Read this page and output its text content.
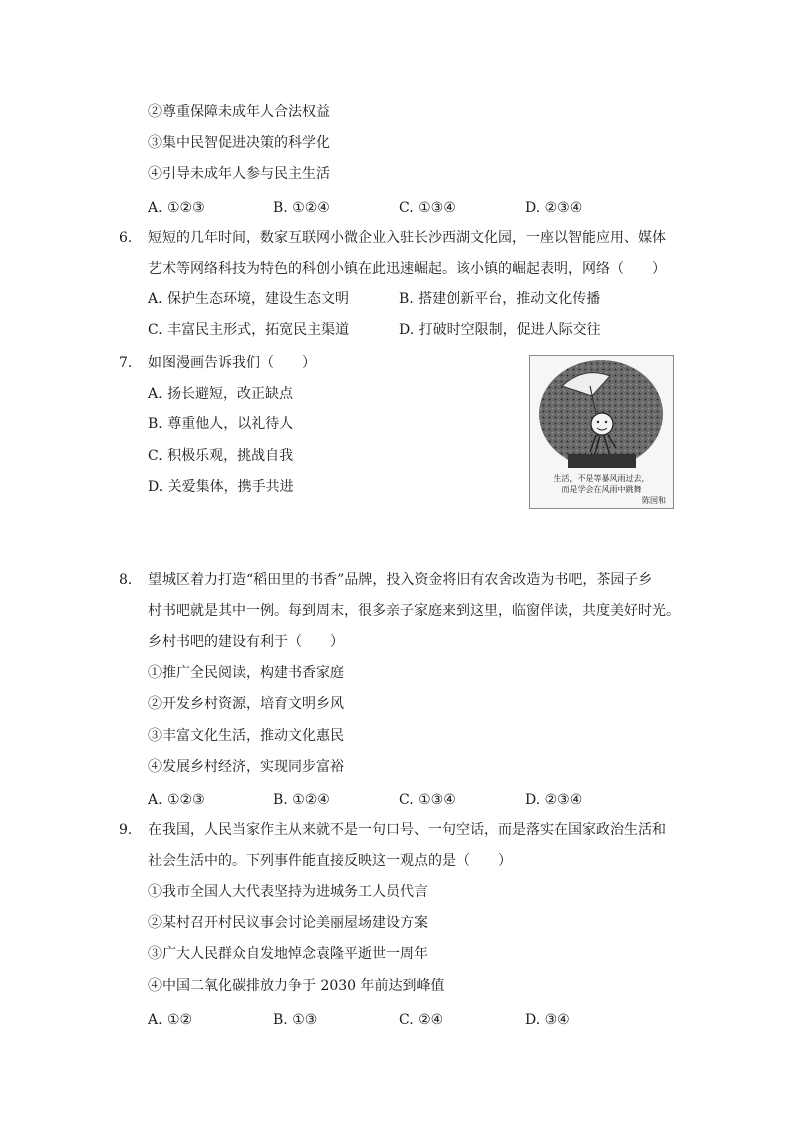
②尊重保障未成年人合法权益
③集中民智促进决策的科学化
④引导未成年人参与民主生活
A. ①②③	B. ①②④	C. ①③④	D. ②③④
6. 短短的几年时间，数家互联网小微企业入驻长沙西湖文化园，一座以智能应用、媒体
艺术等网络科技为特色的科创小镇在此迅速崛起。该小镇的崛起表明，网络（　　）
A. 保护生态环境，建设生态文明	B. 搭建创新平台，推动文化传播
C. 丰富民主形式，拓宽民主渠道	D. 打破时空限制，促进人际交往
7. 如图漫画告诉我们（　　）
A. 扬长避短，改正缺点
B. 尊重他人，以礼待人
C. 积极乐观，挑战自我
D. 关爱集体，携手共进
生活，不是等暴风雨过去，
而是学会在风雨中跳舞
陈国和
8. 望城区着力打造“稻田里的书香”品牌，投入资金将旧有农舍改造为书吧，茶园子乡
村书吧就是其中一例。每到周末，很多亲子家庭来到这里，临窗伴读，共度美好时光。
乡村书吧的建设有利于（　　）
①推广全民阅读，构建书香家庭
②开发乡村资源，培育文明乡风
③丰富文化生活，推动文化惠民
④发展乡村经济，实现同步富裕
A. ①②③	B. ①②④	C. ①③④	D. ②③④
9. 在我国，人民当家作主从来就不是一句口号、一句空话，而是落实在国家政治生活和
社会生活中的。下列事件能直接反映这一观点的是（　　）
①我市全国人大代表坚持为进城务工人员代言
②某村召开村民议事会讨论美丽屋场建设方案
③广大人民群众自发地悼念袁隆平逝世一周年
④中国二氧化碳排放力争于 2030 年前达到峰值
A. ①②	B. ①③	C. ②④	D. ③④
